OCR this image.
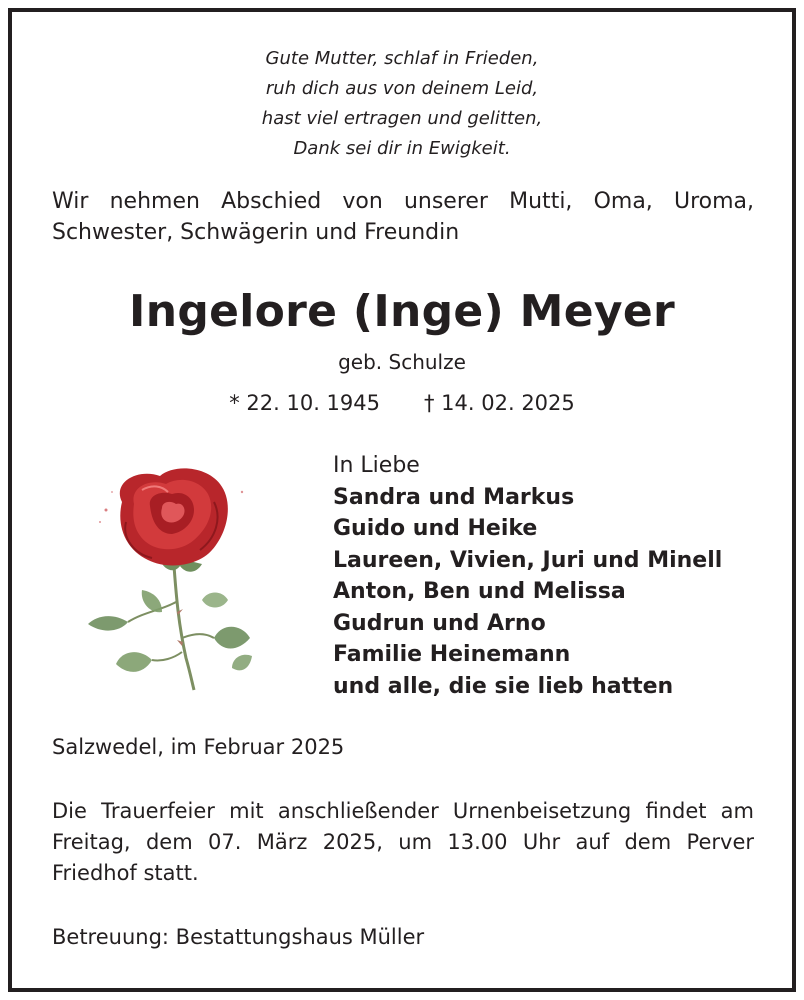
Gute Mutter, schlaf in Frieden,
ruh dich aus von deinem Leid,
hast viel ertragen und gelitten,
Dank sei dir in Ewigkeit.
Wir nehmen Abschied von unserer Mutti, Oma, Uroma, Schwester, Schwägerin und Freundin
Ingelore (Inge) Meyer
geb. Schulze
* 22. 10. 1945 † 14. 02. 2025
In Liebe
Sandra und Markus
Guido und Heike
Laureen, Vivien, Juri und Minell
Anton, Ben und Melissa
Gudrun und Arno
Familie Heinemann
und alle, die sie lieb hatten
Salzwedel, im Februar 2025
Die Trauerfeier mit anschließender Urnenbeisetzung findet am Freitag, dem 07. März 2025, um 13.00 Uhr auf dem Perver Friedhof statt.
Betreuung: Bestattungshaus Müller
